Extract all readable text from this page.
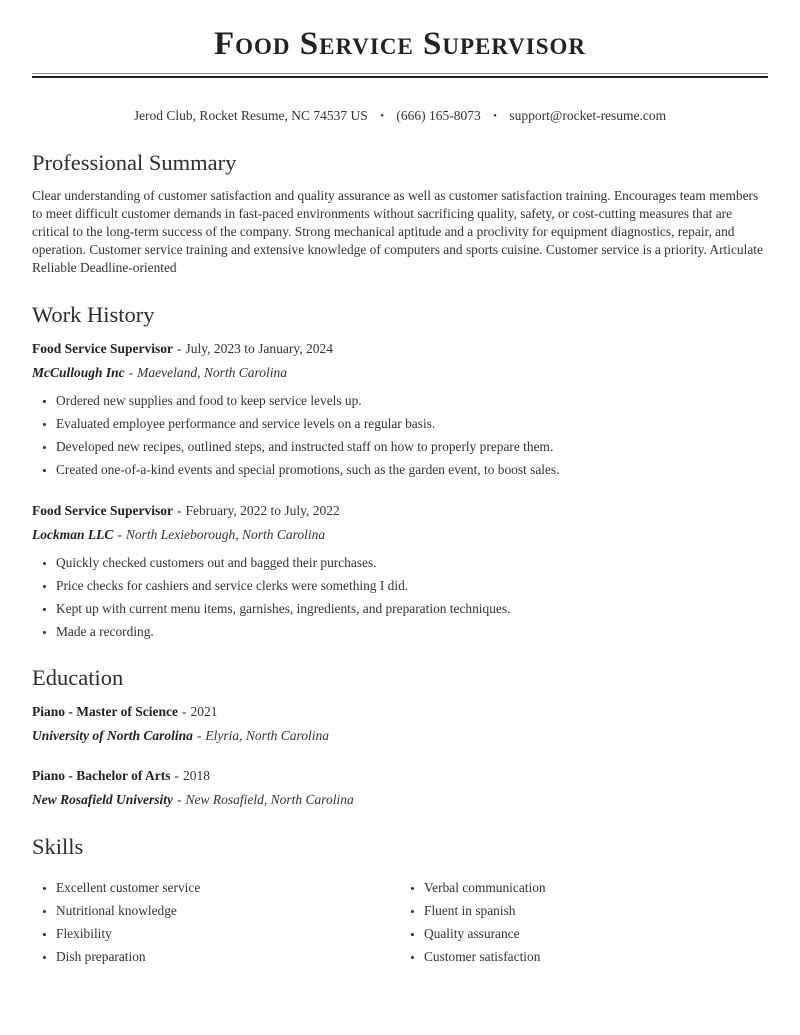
Food Service Supervisor

Jerod Club, Rocket Resume, NC 74537 US • (666) 165-8073 • support@rocket-resume.com

Professional Summary

Clear understanding of customer satisfaction and quality assurance as well as customer satisfaction training. Encourages team members to meet difficult customer demands in fast-paced environments without sacrificing quality, safety, or cost-cutting measures that are critical to the long-term success of the company. Strong mechanical aptitude and a proclivity for equipment diagnostics, repair, and operation. Customer service training and extensive knowledge of computers and sports cuisine. Customer service is a priority. Articulate Reliable Deadline-oriented

Work History

Food Service Supervisor - July, 2023 to January, 2024

McCullough Inc - Maeveland, North Carolina

• Ordered new supplies and food to keep service levels up.
• Evaluated employee performance and service levels on a regular basis.
• Developed new recipes, outlined steps, and instructed staff on how to properly prepare them.
• Created one-of-a-kind events and special promotions, such as the garden event, to boost sales.

Food Service Supervisor - February, 2022 to July, 2022

Lockman LLC - North Lexieborough, North Carolina

• Quickly checked customers out and bagged their purchases.
• Price checks for cashiers and service clerks were something I did.
• Kept up with current menu items, garnishes, ingredients, and preparation techniques.
• Made a recording.
Education

Piano - Master of Science - 2021

University of North Carolina - Elyria, North Carolina

Piano - Bachelor of Arts - 2018

New Rosafield University - New Rosafield, North Carolina

Skills
• Excellent customer service
• Nutritional knowledge
• Flexibility
• Dish preparation
• Verbal communication
• Fluent in spanish
• Quality assurance
• Customer satisfaction
